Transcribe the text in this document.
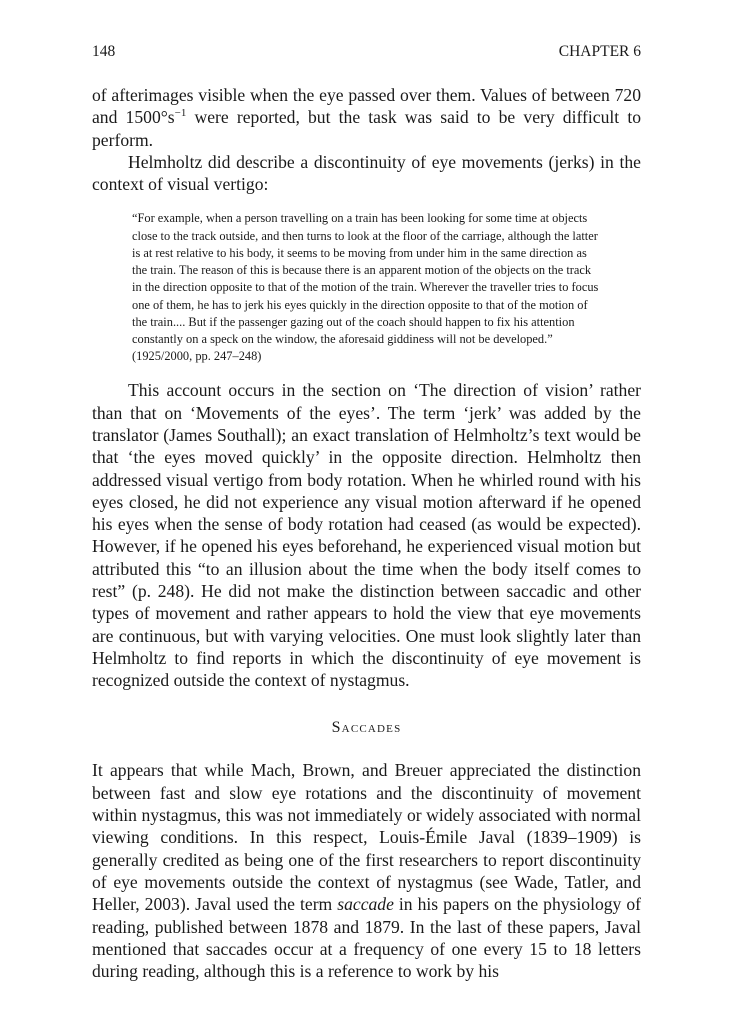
148	CHAPTER 6

of afterimages visible when the eye passed over them. Values of between 720 and $1500^\circ s^{-1}$ were reported, but the task was said to be very difficult to perform.

Helmholtz did describe a discontinuity of eye movements (jerks) in the context of visual vertigo:

“For example, when a person travelling on a train has been looking for some time at objects close to the track outside, and then turns to look at the floor of the carriage, although the latter is at rest relative to his body, it seems to be moving from under him in the same direction as the train. The reason of this is because there is an apparent motion of the objects on the track in the direction opposite to that of the motion of the train. Wherever the traveller tries to focus one of them, he has to jerk his eyes quickly in the direction opposite to that of the motion of the train.... But if the passenger gazing out of the coach should happen to fix his attention constantly on a speck on the window, the aforesaid giddiness will not be developed.” (1925/2000, pp. 247–248)

This account occurs in the section on ‘The direction of vision’ rather than that on ‘Movements of the eyes’. The term ‘jerk’ was added by the translator (James Southall); an exact translation of Helmholtz’s text would be that ‘the eyes moved quickly’ in the opposite direction. Helmholtz then addressed visual vertigo from body rotation. When he whirled round with his eyes closed, he did not experience any visual motion afterward if he opened his eyes when the sense of body rotation had ceased (as would be expected). However, if he opened his eyes beforehand, he experienced visual motion but attributed this “to an illusion about the time when the body itself comes to rest” (p. 248). He did not make the distinction between saccadic and other types of movement and rather appears to hold the view that eye movements are continuous, but with varying velocities. One must look slightly later than Helmholtz to find reports in which the discontinuity of eye movement is recognized outside the context of nystagmus.

Saccades

It appears that while Mach, Brown, and Breuer appreciated the distinction between fast and slow eye rotations and the discontinuity of movement within nystagmus, this was not immediately or widely associated with normal viewing conditions. In this respect, Louis-Émile Javal (1839–1909) is generally credited as being one of the first researchers to report discontinuity of eye movements outside the context of nystagmus (see Wade, Tatler, and Heller, 2003). Javal used the term saccade in his papers on the physiology of reading, published between 1878 and 1879. In the last of these papers, Javal mentioned that saccades occur at a frequency of one every 15 to 18 letters during reading, although this is a reference to work by his
